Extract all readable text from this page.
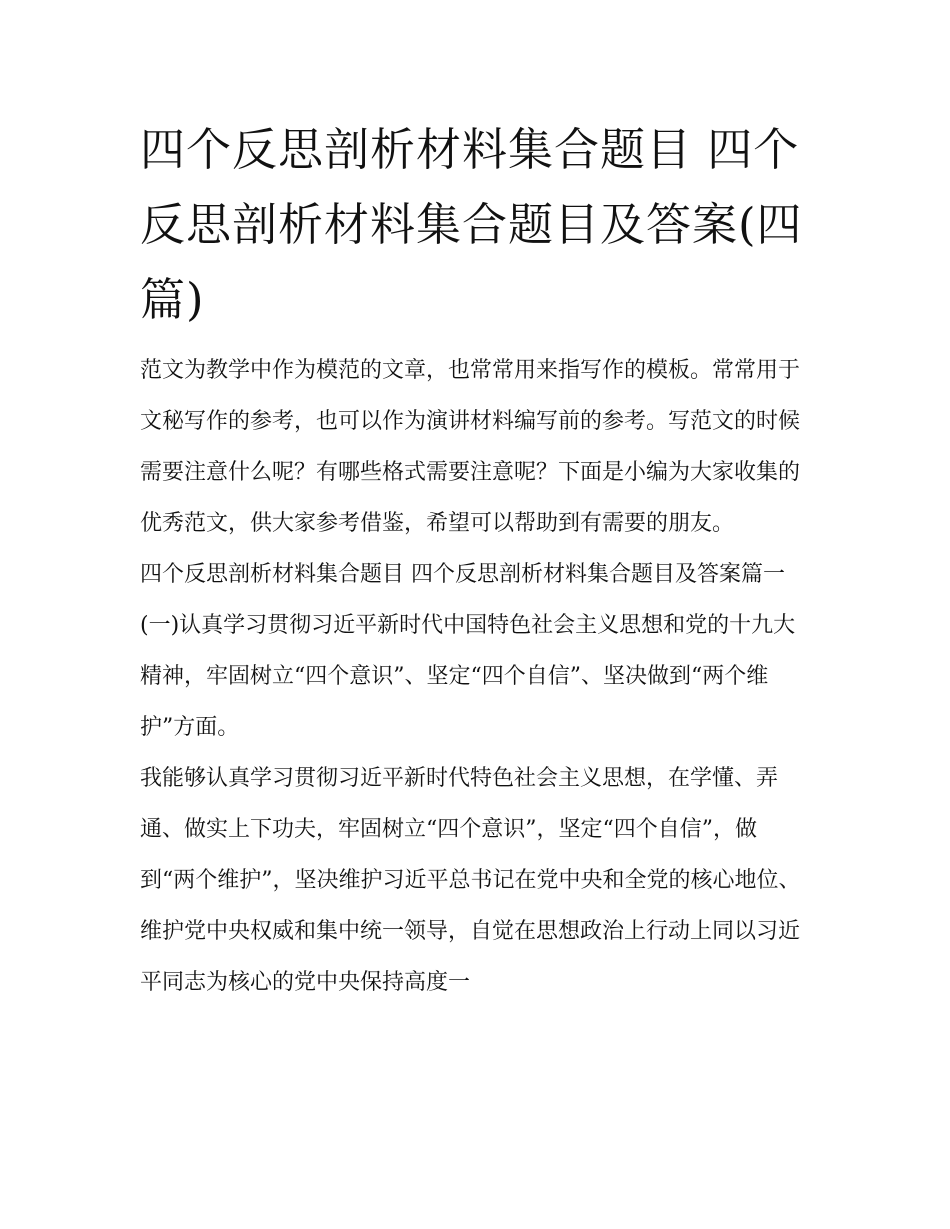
四个反思剖析材料集合题目 四个反思剖析材料集合题目及答案(四篇)

范文为教学中作为模范的文章，也常常用来指写作的模板。常常用于文秘写作的参考，也可以作为演讲材料编写前的参考。写范文的时候需要注意什么呢？有哪些格式需要注意呢？下面是小编为大家收集的优秀范文，供大家参考借鉴，希望可以帮助到有需要的朋友。

四个反思剖析材料集合题目 四个反思剖析材料集合题目及答案篇一

(一)认真学习贯彻习近平新时代中国特色社会主义思想和党的十九大精神，牢固树立“四个意识”、坚定“四个自信”、坚决做到“两个维护”方面。

我能够认真学习贯彻习近平新时代特色社会主义思想，在学懂、弄通、做实上下功夫，牢固树立“四个意识”，坚定“四个自信”，做到“两个维护”，坚决维护习近平总书记在党中央和全党的核心地位、维护党中央权威和集中统一领导，自觉在思想政治上行动上同以习近平同志为核心的党中央保持高度一
